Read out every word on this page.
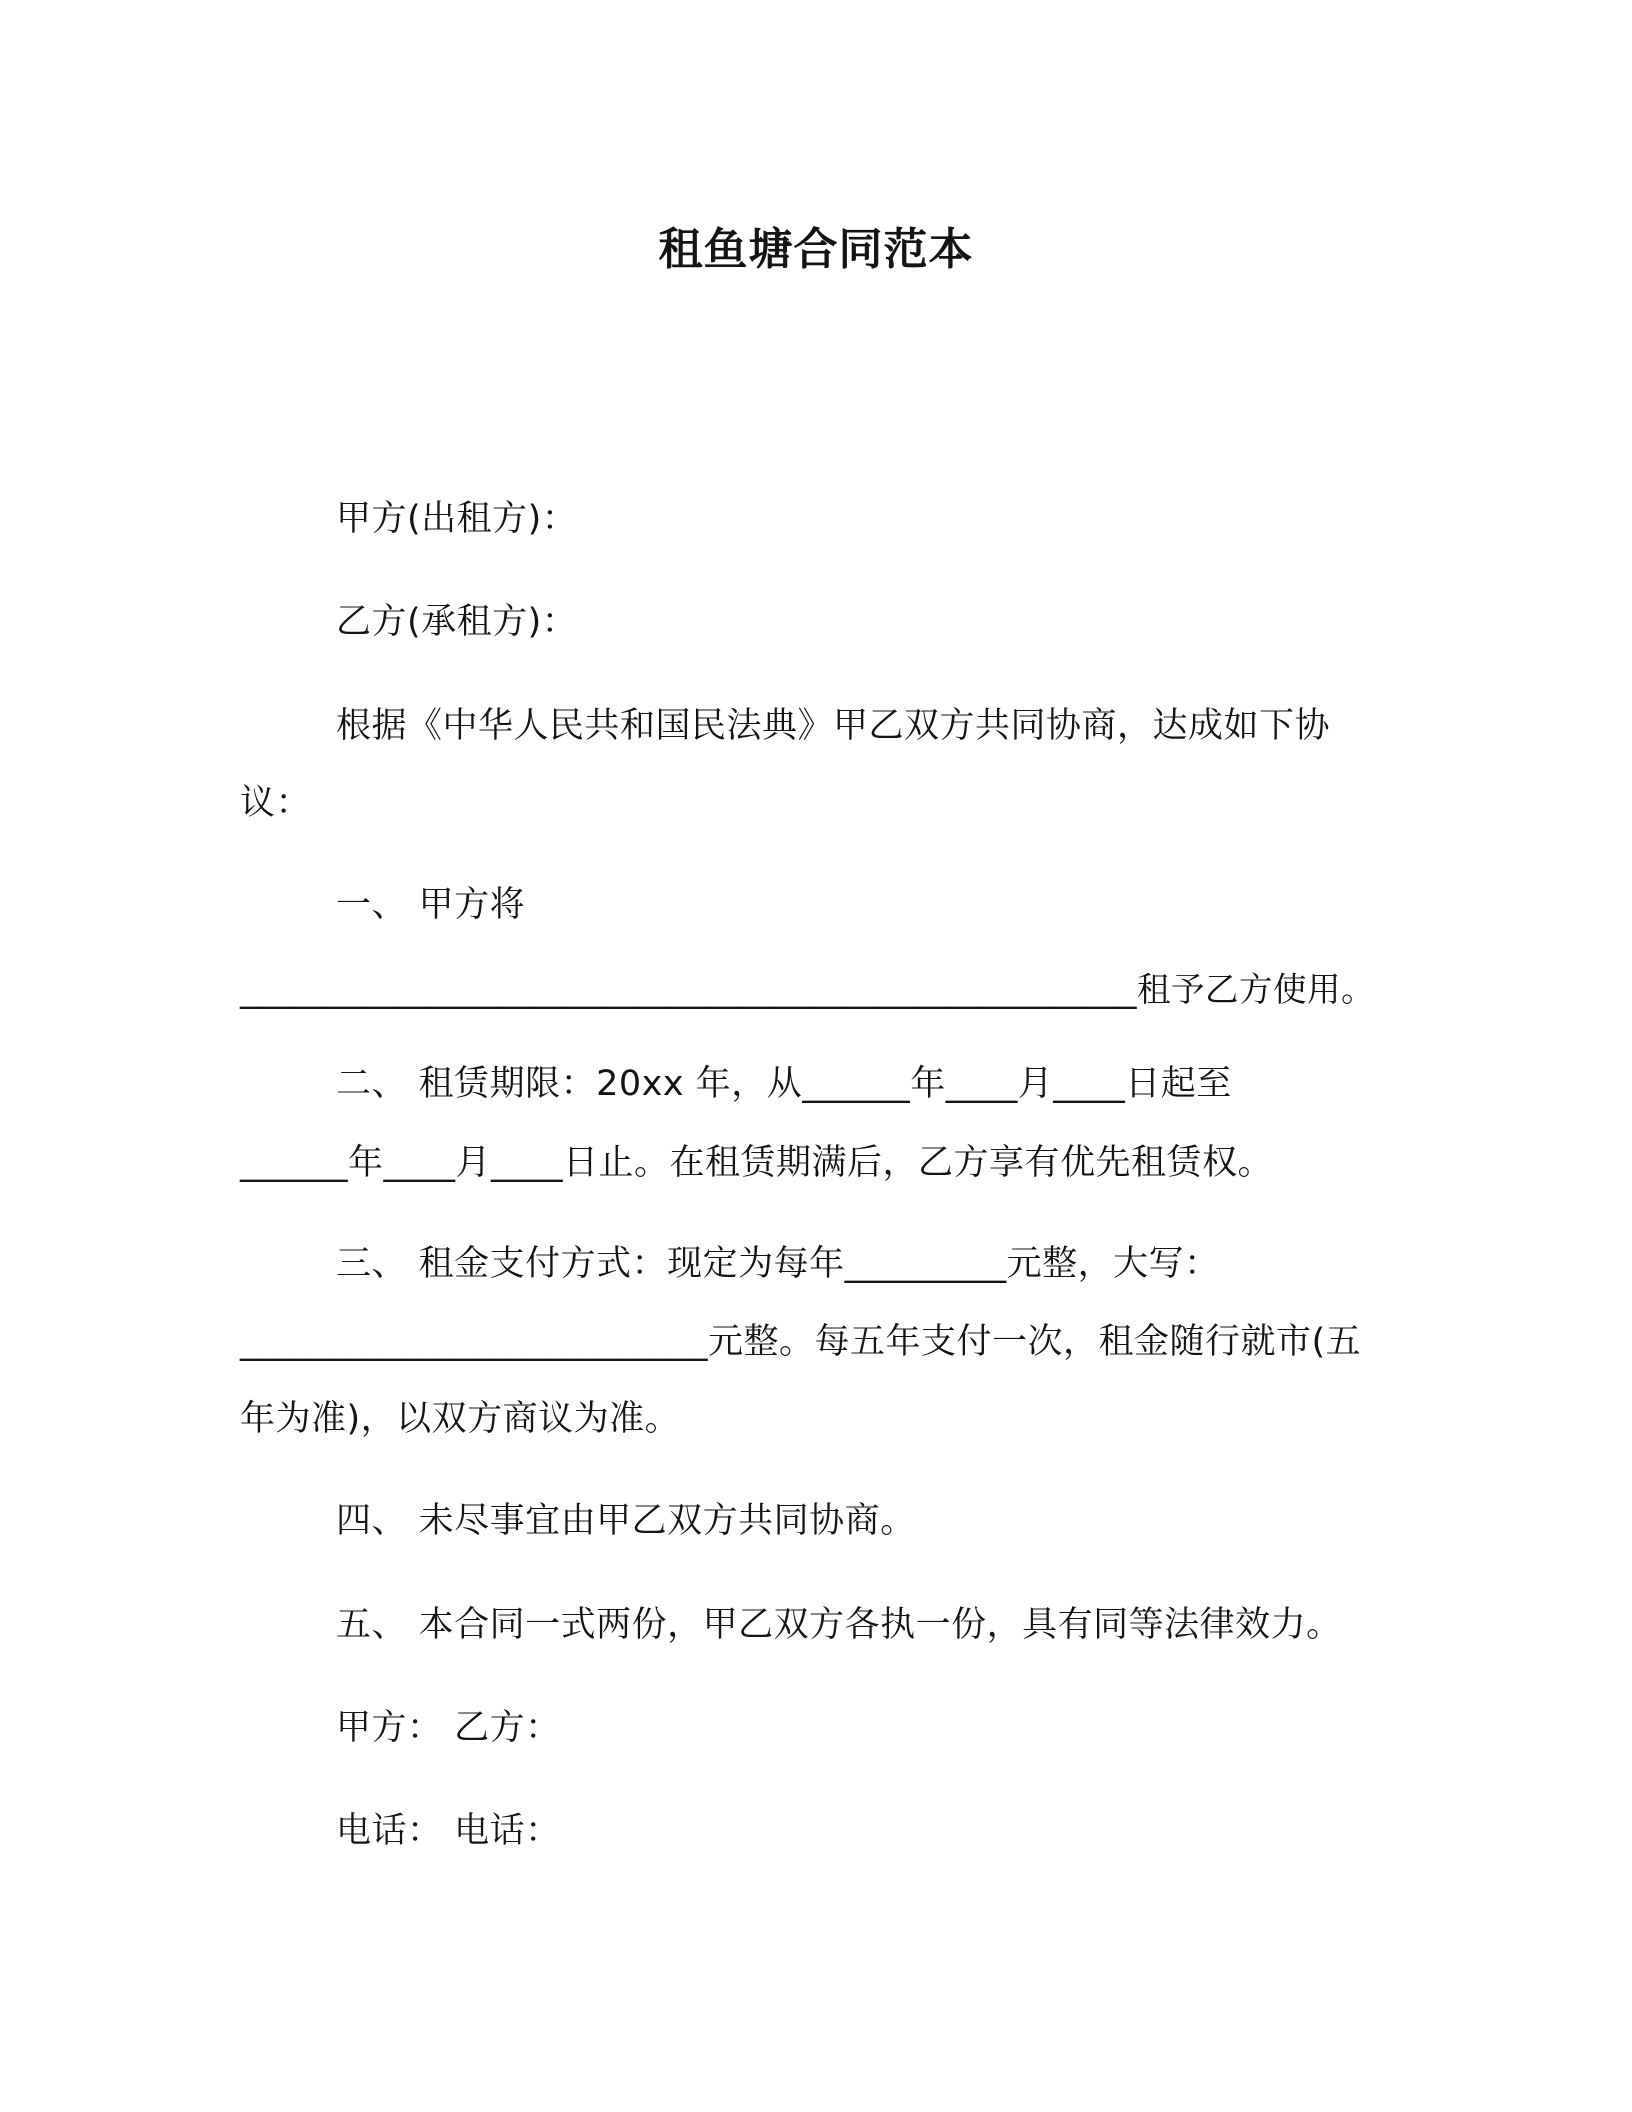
租鱼塘合同范本
甲方(出租方)：
乙方(承租方)：
根据《中华人民共和国民法典》甲乙双方共同协商，达成如下协
议：
一、 甲方将
____________________________________________________租予乙方使用。
二、 租赁期限：20xx 年，从______年____月____日起至
______年____月____日止。在租赁期满后，乙方享有优先租赁权。
三、 租金支付方式：现定为每年_________元整，大写：
__________________________元整。每五年支付一次，租金随行就市(五
年为准)，以双方商议为准。
四、 未尽事宜由甲乙双方共同协商。
五、 本合同一式两份，甲乙双方各执一份，具有同等法律效力。
甲方： 乙方：
电话： 电话：
